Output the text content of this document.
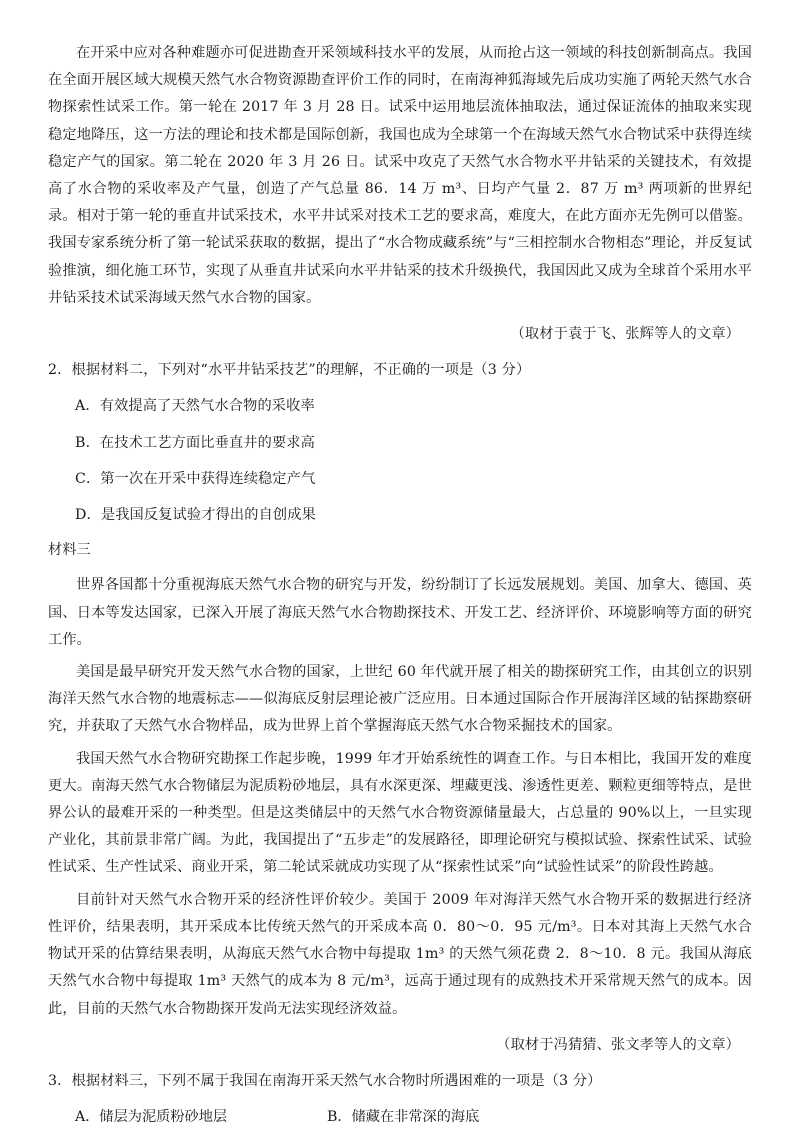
在开采中应对各种难题亦可促进勘查开采领域科技水平的发展，从而抢占这一领域的科技创新制高点。我国在全面开展区域大规模天然气水合物资源勘查评价工作的同时，在南海神狐海域先后成功实施了两轮天然气水合物探索性试采工作。第一轮在 2017 年 3 月 28 日。试采中运用地层流体抽取法，通过保证流体的抽取来实现稳定地降压，这一方法的理论和技术都是国际创新，我国也成为全球第一个在海域天然气水合物试采中获得连续稳定产气的国家。第二轮在 2020 年 3 月 26 日。试采中攻克了天然气水合物水平井钻采的关键技术，有效提高了水合物的采收率及产气量，创造了产气总量 86．14 万 m³、日均产气量 2．87 万 m³ 两项新的世界纪录。相对于第一轮的垂直井试采技术，水平井试采对技术工艺的要求高，难度大，在此方面亦无先例可以借鉴。我国专家系统分析了第一轮试采获取的数据，提出了“水合物成藏系统”与“三相控制水合物相态”理论，并反复试验推演，细化施工环节，实现了从垂直井试采向水平井钻采的技术升级换代，我国因此又成为全球首个采用水平井钻采技术试采海域天然气水合物的国家。

（取材于袁于飞、张辉等人的文章）

2．根据材料二，下列对“水平井钻采技艺”的理解，不正确的一项是（3 分）

A．有效提高了天然气水合物的采收率

B．在技术工艺方面比垂直井的要求高

C．第一次在开采中获得连续稳定产气

D．是我国反复试验才得出的自创成果

材料三

世界各国都十分重视海底天然气水合物的研究与开发，纷纷制订了长远发展规划。美国、加拿大、德国、英国、日本等发达国家，已深入开展了海底天然气水合物勘探技术、开发工艺、经济评价、环境影响等方面的研究工作。

美国是最早研究开发天然气水合物的国家，上世纪 60 年代就开展了相关的勘探研究工作，由其创立的识别海洋天然气水合物的地震标志——似海底反射层理论被广泛应用。日本通过国际合作开展海洋区域的钻探勘察研究，并获取了天然气水合物样品，成为世界上首个掌握海底天然气水合物采掘技术的国家。

我国天然气水合物研究勘探工作起步晚，1999 年才开始系统性的调查工作。与日本相比，我国开发的难度更大。南海天然气水合物储层为泥质粉砂地层，具有水深更深、埋藏更浅、渗透性更差、颗粒更细等特点，是世界公认的最难开采的一种类型。但是这类储层中的天然气水合物资源储量最大，占总量的 90%以上，一旦实现产业化，其前景非常广阔。为此，我国提出了“五步走”的发展路径，即理论研究与模拟试验、探索性试采、试验性试采、生产性试采、商业开采，第二轮试采就成功实现了从“探索性试采”向“试验性试采”的阶段性跨越。

目前针对天然气水合物开采的经济性评价较少。美国于 2009 年对海洋天然气水合物开采的数据进行经济性评价，结果表明，其开采成本比传统天然气的开采成本高 0．80～0．95 元/m³。日本对其海上天然气水合物试开采的估算结果表明，从海底天然气水合物中每提取 1m³ 的天然气须花费 2．8～10．8 元。我国从海底天然气水合物中每提取 1m³ 天然气的成本为 8 元/m³，远高于通过现有的成熟技术开采常规天然气的成本。因此，目前的天然气水合物勘探开发尚无法实现经济效益。

（取材于冯猜猜、张文孝等人的文章）

3．根据材料三，下列不属于我国在南海开采天然气水合物时所遇困难的一项是（3 分）

A．储层为泥质粉砂地层	B．储藏在非常深的海底
